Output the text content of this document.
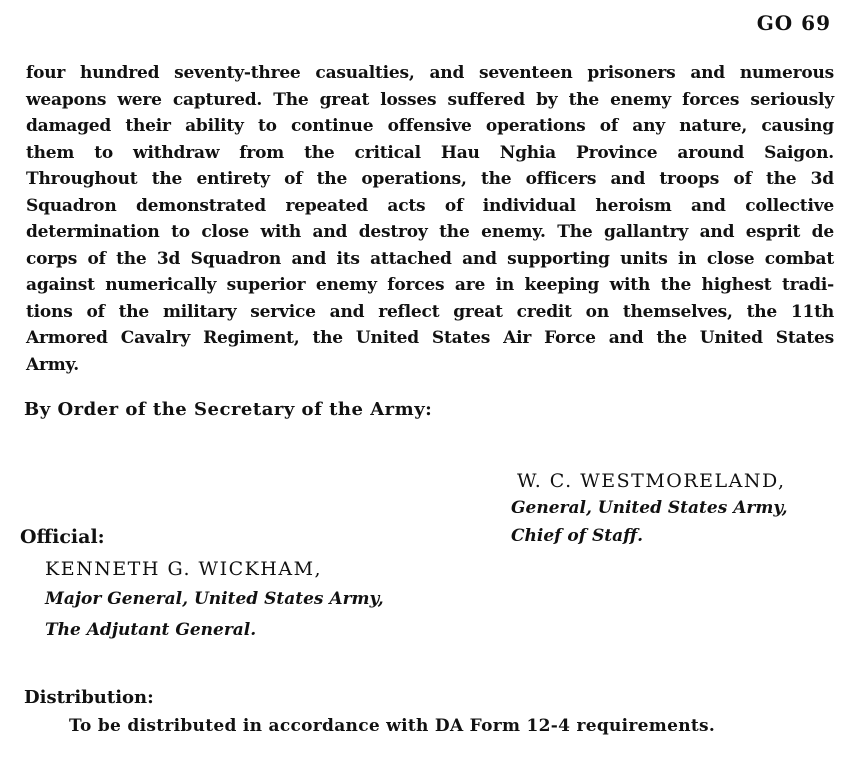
GO 69
four hundred seventy-three casualties, and seventeen prisoners and numerous
weapons were captured. The great losses suffered by the enemy forces seriously
damaged their ability to continue offensive operations of any nature, causing
them to withdraw from the critical Hau Nghia Province around Saigon.
Throughout the entirety of the operations, the officers and troops of the 3d
Squadron demonstrated repeated acts of individual heroism and collective
determination to close with and destroy the enemy. The gallantry and esprit de
corps of the 3d Squadron and its attached and supporting units in close combat
against numerically superior enemy forces are in keeping with the highest tradi-
tions of the military service and reflect great credit on themselves, the 11th
Armored Cavalry Regiment, the United States Air Force and the United States
Army.
By Order of the Secretary of the Army:
W. C. WESTMORELAND,
General, United States Army,
Chief of Staff.
Official:
KENNETH G. WICKHAM,
Major General, United States Army,
The Adjutant General.
Distribution:
To be distributed in accordance with DA Form 12-4 requirements.
